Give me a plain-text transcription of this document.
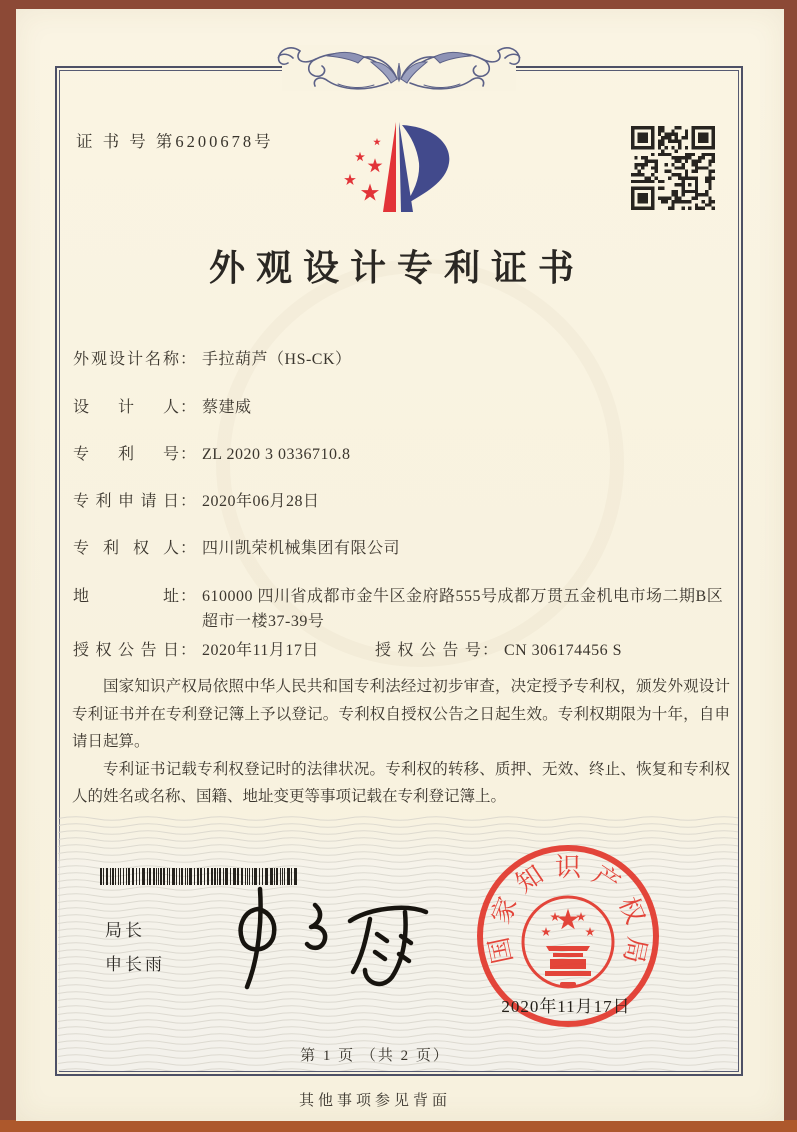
证 书 号 第6200678号
外观设计专利证书
外观设计名称 ： 手拉葫芦（HS-CK）
设计人 ： 蔡建威
专利号 ： ZL 2020 3 0336710.8
专利申请日 ： 2020年06月28日
专利权人 ： 四川凯荣机械集团有限公司
地址 ： 610000 四川省成都市金牛区金府路555号成都万贯五金机电市场二期B区超市一楼37-39号
授权公告日 ： 2020年11月17日	授权公告号 ： CN 306174456 S

国家知识产权局依照中华人民共和国专利法经过初步审查，决定授予专利权，颁发外观设计专利证书并在专利登记簿上予以登记。专利权自授权公告之日起生效。专利权期限为十年，自申请日起算。

专利证书记载专利权登记时的法律状况。专利权的转移、质押、无效、终止、恢复和专利权人的姓名或名称、国籍、地址变更等事项记载在专利登记簿上。

局长
申长雨	国
家
知 识 产
权
局
2020年11月17日
第 1 页 （共 2 页）
其他事项参见背面
